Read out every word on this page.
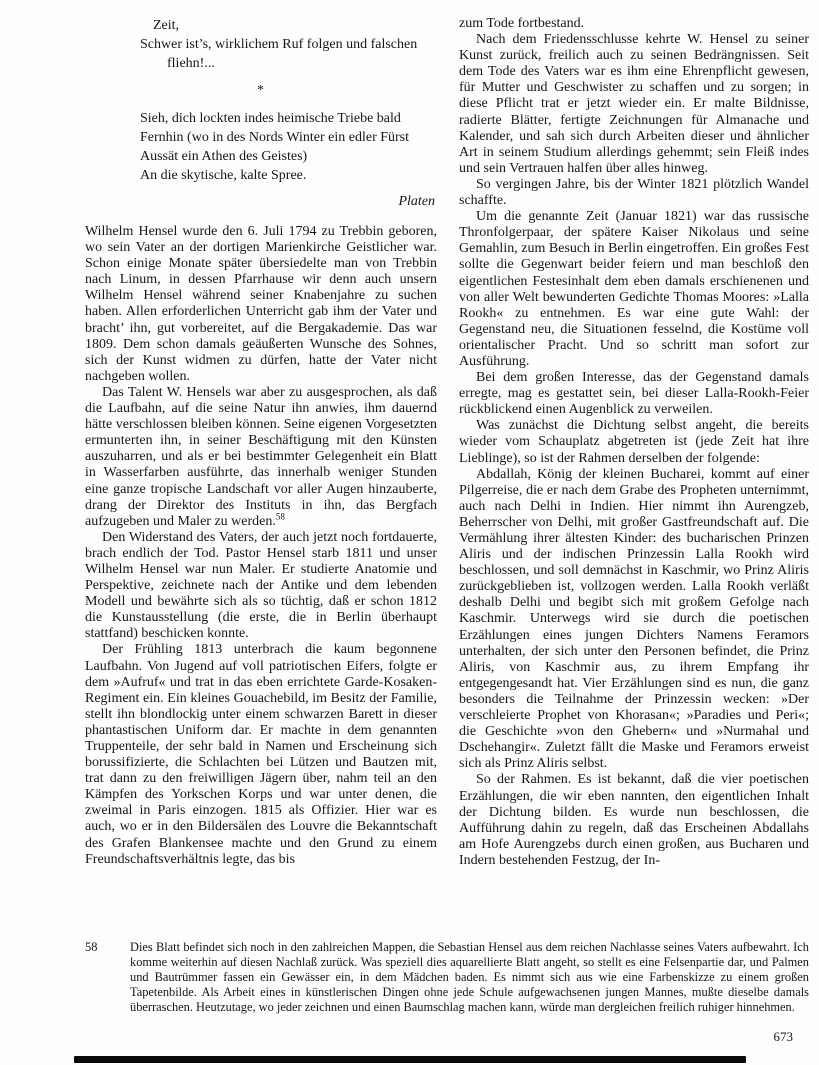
Zeit,
Schwer ist’s, wirklichem Ruf folgen und falschen
fliehn!...
*
Sieh, dich lockten indes heimische Triebe bald
Fernhin (wo in des Nords Winter ein edler Fürst
Aussät ein Athen des Geistes)
An die skytische, kalte Spree.
Platen

Wilhelm Hensel wurde den 6. Juli 1794 zu Trebbin geboren, wo sein Vater an der dortigen Marienkirche Geistlicher war. Schon einige Monate später übersiedelte man von Trebbin nach Linum, in dessen Pfarrhause wir denn auch unsern Wilhelm Hensel während seiner Knabenjahre zu suchen haben. Allen erforderlichen Unterricht gab ihm der Vater und bracht’ ihn, gut vorbereitet, auf die Bergakademie. Das war 1809. Dem schon damals geäußerten Wunsche des Sohnes, sich der Kunst widmen zu dürfen, hatte der Vater nicht nachgeben wollen.

Das Talent W. Hensels war aber zu ausgesprochen, als daß die Laufbahn, auf die seine Natur ihn anwies, ihm dauernd hätte verschlossen bleiben können. Seine eigenen Vorgesetzten ermunterten ihn, in seiner Beschäftigung mit den Künsten auszuharren, und als er bei bestimmter Gelegenheit ein Blatt in Wasserfarben ausführte, das innerhalb weniger Stunden eine ganze tropische Landschaft vor aller Augen hinzauberte, drang der Direktor des Instituts in ihn, das Bergfach aufzugeben und Maler zu werden.$^{58}$

Den Widerstand des Vaters, der auch jetzt noch fortdauerte, brach endlich der Tod. Pastor Hensel starb 1811 und unser Wilhelm Hensel war nun Maler. Er studierte Anatomie und Perspektive, zeichnete nach der Antike und dem lebenden Modell und bewährte sich als so tüchtig, daß er schon 1812 die Kunstausstellung (die erste, die in Berlin überhaupt stattfand) beschicken konnte.

Der Frühling 1813 unterbrach die kaum begonnene Laufbahn. Von Jugend auf voll patriotischen Eifers, folgte er dem »Aufruf« und trat in das eben errichtete Garde-Kosaken-Regiment ein. Ein kleines Gouachebild, im Besitz der Familie, stellt ihn blondlockig unter einem schwarzen Barett in dieser phantastischen Uniform dar. Er machte in dem genannten Truppenteile, der sehr bald in Namen und Erscheinung sich borussifizierte, die Schlachten bei Lützen und Bautzen mit, trat dann zu den freiwilligen Jägern über, nahm teil an den Kämpfen des Yorkschen Korps und war unter denen, die zweimal in Paris einzogen. 1815 als Offizier. Hier war es auch, wo er in den Bildersälen des Louvre die Bekanntschaft des Grafen Blankensee machte und den Grund zu einem Freundschaftsverhältnis legte, das bis

zum Tode fortbestand.

Nach dem Friedensschlusse kehrte W. Hensel zu seiner Kunst zurück, freilich auch zu seinen Bedrängnissen. Seit dem Tode des Vaters war es ihm eine Ehrenpflicht gewesen, für Mutter und Geschwister zu schaffen und zu sorgen; in diese Pflicht trat er jetzt wieder ein. Er malte Bildnisse, radierte Blätter, fertigte Zeichnungen für Almanache und Kalender, und sah sich durch Arbeiten dieser und ähnlicher Art in seinem Studium allerdings gehemmt; sein Fleiß indes und sein Vertrauen halfen über alles hinweg.

So vergingen Jahre, bis der Winter 1821 plötzlich Wandel schaffte.

Um die genannte Zeit (Januar 1821) war das russische Thronfolgerpaar, der spätere Kaiser Nikolaus und seine Gemahlin, zum Besuch in Berlin eingetroffen. Ein großes Fest sollte die Gegenwart beider feiern und man beschloß den eigentlichen Festesinhalt dem eben damals erschienenen und von aller Welt bewunderten Gedichte Thomas Moores: »Lalla Rookh« zu entnehmen. Es war eine gute Wahl: der Gegenstand neu, die Situationen fesselnd, die Kostüme voll orientalischer Pracht. Und so schritt man sofort zur Ausführung.

Bei dem großen Interesse, das der Gegenstand damals erregte, mag es gestattet sein, bei dieser Lalla-Rookh-Feier rückblickend einen Augenblick zu verweilen.

Was zunächst die Dichtung selbst angeht, die bereits wieder vom Schauplatz abgetreten ist (jede Zeit hat ihre Lieblinge), so ist der Rahmen derselben der folgende:

Abdallah, König der kleinen Bucharei, kommt auf einer Pilgerreise, die er nach dem Grabe des Propheten unternimmt, auch nach Delhi in Indien. Hier nimmt ihn Aurengzeb, Beherrscher von Delhi, mit großer Gastfreundschaft auf. Die Vermählung ihrer ältesten Kinder: des bucharischen Prinzen Aliris und der indischen Prinzessin Lalla Rookh wird beschlossen, und soll demnächst in Kaschmir, wo Prinz Aliris zurückgeblieben ist, vollzogen werden. Lalla Rookh verläßt deshalb Delhi und begibt sich mit großem Gefolge nach Kaschmir. Unterwegs wird sie durch die poetischen Erzählungen eines jungen Dichters Namens Feramors unterhalten, der sich unter den Personen befindet, die Prinz Aliris, von Kaschmir aus, zu ihrem Empfang ihr entgegengesandt hat. Vier Erzählungen sind es nun, die ganz besonders die Teilnahme der Prinzessin wecken: »Der verschleierte Prophet von Khorasan«; »Paradies und Peri«; die Geschichte »von den Ghebern« und »Nurmahal und Dschehangir«. Zuletzt fällt die Maske und Feramors erweist sich als Prinz Aliris selbst.

So der Rahmen. Es ist bekannt, daß die vier poetischen Erzählungen, die wir eben nannten, den eigentlichen Inhalt der Dichtung bilden. Es wurde nun beschlossen, die Aufführung dahin zu regeln, daß das Erscheinen Abdallahs am Hofe Aurengzebs durch einen großen, aus Bucharen und Indern bestehenden Festzug, der In-

58	Dies Blatt befindet sich noch in den zahlreichen Mappen, die Sebastian Hensel aus dem reichen Nachlasse seines Vaters aufbewahrt. Ich komme weiterhin auf diesen Nachlaß zurück. Was speziell dies aquarellierte Blatt angeht, so stellt es eine Felsenpartie dar, und Palmen und Bautrümmer fassen ein Gewässer ein, in dem Mädchen baden. Es nimmt sich aus wie eine Farbenskizze zu einem großen Tapetenbilde. Als Arbeit eines in künstlerischen Dingen ohne jede Schule aufgewachsenen jungen Mannes, mußte dieselbe damals überraschen. Heutzutage, wo jeder zeichnen und einen Baumschlag machen kann, würde man dergleichen freilich ruhiger hinnehmen.
673
